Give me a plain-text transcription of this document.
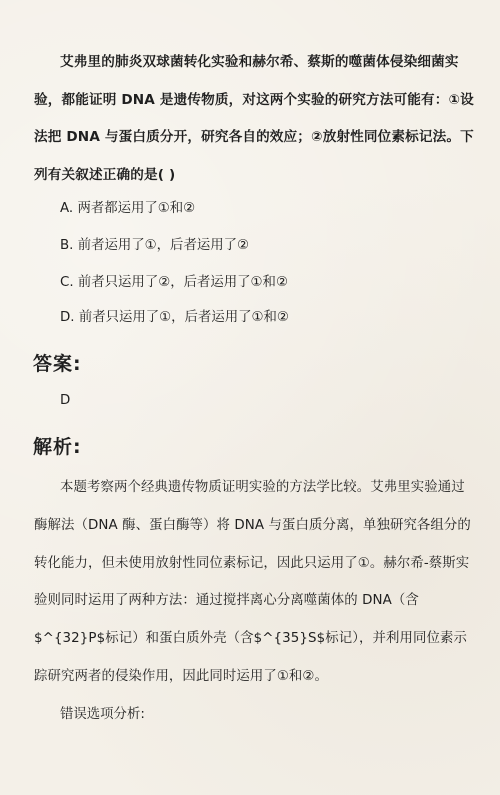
艾弗里的肺炎双球菌转化实验和赫尔希、蔡斯的噬菌体侵染细菌实验，都能证明 DNA 是遗传物质，对这两个实验的研究方法可能有：①设法把 DNA 与蛋白质分开，研究各自的效应；②放射性同位素标记法。下列有关叙述正确的是( )

A. 两者都运用了①和②

B. 前者运用了①，后者运用了②

C. 前者只运用了②，后者运用了①和②

D. 前者只运用了①，后者运用了①和②

答案:

D

解析:

本题考察两个经典遗传物质证明实验的方法学比较。艾弗里实验通过酶解法（DNA 酶、蛋白酶等）将 DNA 与蛋白质分离，单独研究各组分的转化能力，但未使用放射性同位素标记，因此只运用了①。赫尔希-蔡斯实验则同时运用了两种方法：通过搅拌离心分离噬菌体的 DNA（含$^{32}P$标记）和蛋白质外壳（含$^{35}S$标记），并利用同位素示踪研究两者的侵染作用，因此同时运用了①和②。

错误选项分析:
